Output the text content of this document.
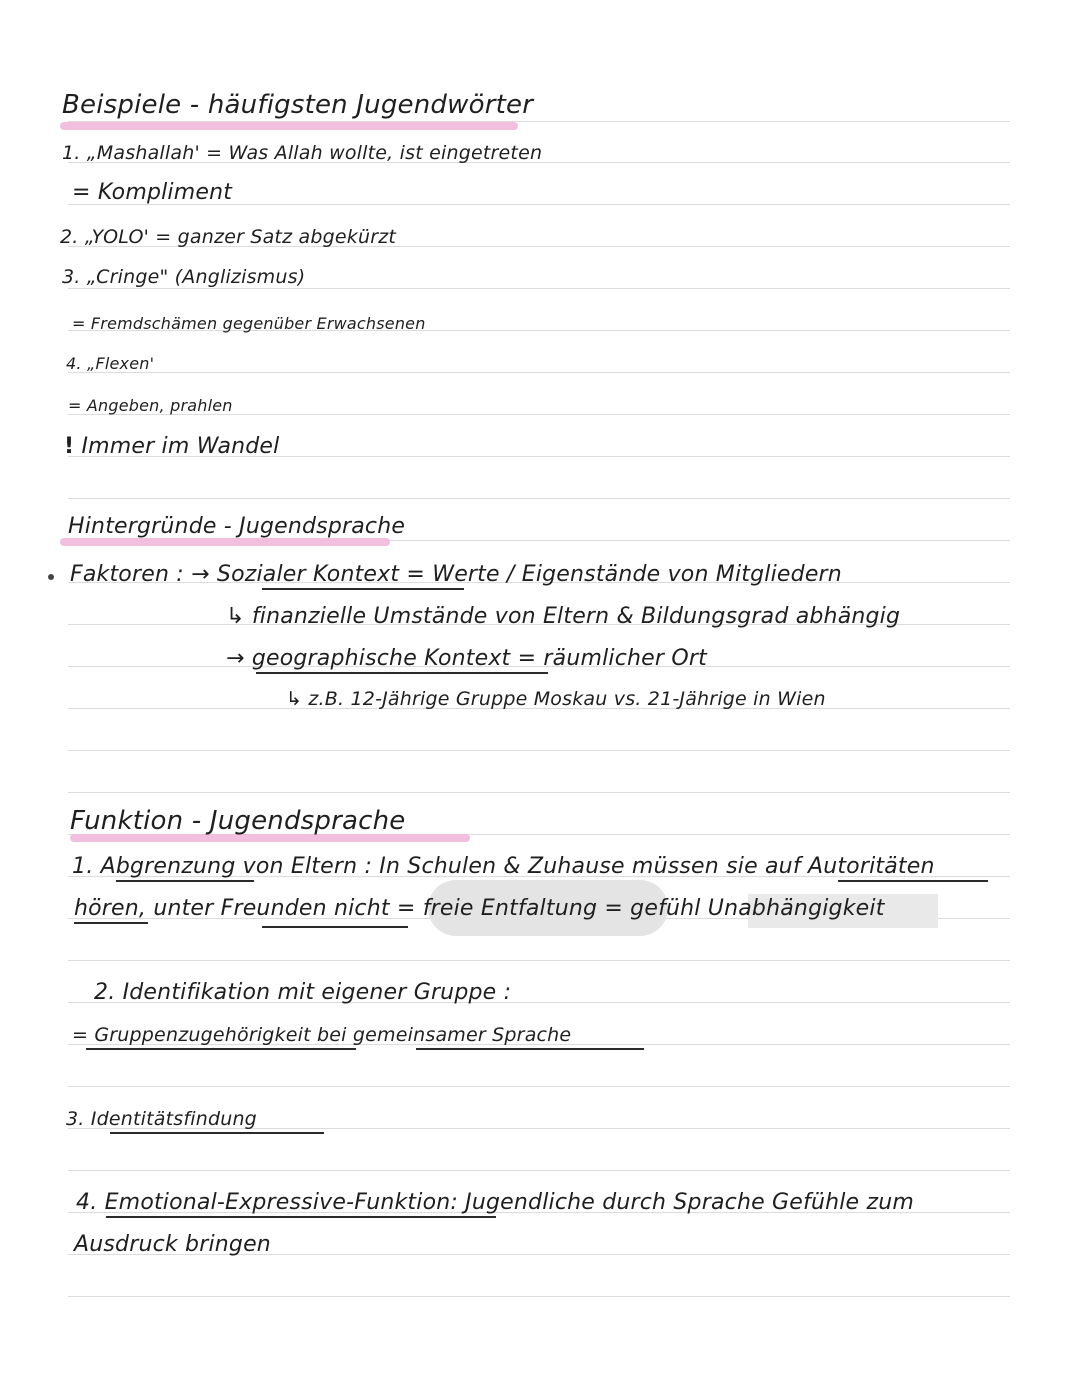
Beispiele - häufigsten Jugendwörter
1. „Mashallah' = Was Allah wollte, ist eingetreten
= Kompliment
2. „YOLO' = ganzer Satz abgekürzt
3. „Cringe" (Anglizismus)
= Fremdschämen gegenüber Erwachsenen
4. „Flexen'
= Angeben, prahlen
! Immer im Wandel
Hintergründe - Jugendsprache
Faktoren : → Sozialer Kontext = Werte / Eigenstände von Mitgliedern
↳ finanzielle Umstände von Eltern & Bildungsgrad abhängig
→ geographische Kontext = räumlicher Ort
↳ z.B. 12-Jährige Gruppe Moskau vs. 21-Jährige in Wien
Funktion - Jugendsprache
1. Abgrenzung von Eltern : In Schulen & Zuhause müssen sie auf Autoritäten
hören, unter Freunden nicht = freie Entfaltung = gefühl Unabhängigkeit
2. Identifikation mit eigener Gruppe :
= Gruppenzugehörigkeit bei gemeinsamer Sprache
3. Identitätsfindung
4. Emotional-Expressive-Funktion: Jugendliche durch Sprache Gefühle zum
Ausdruck bringen
